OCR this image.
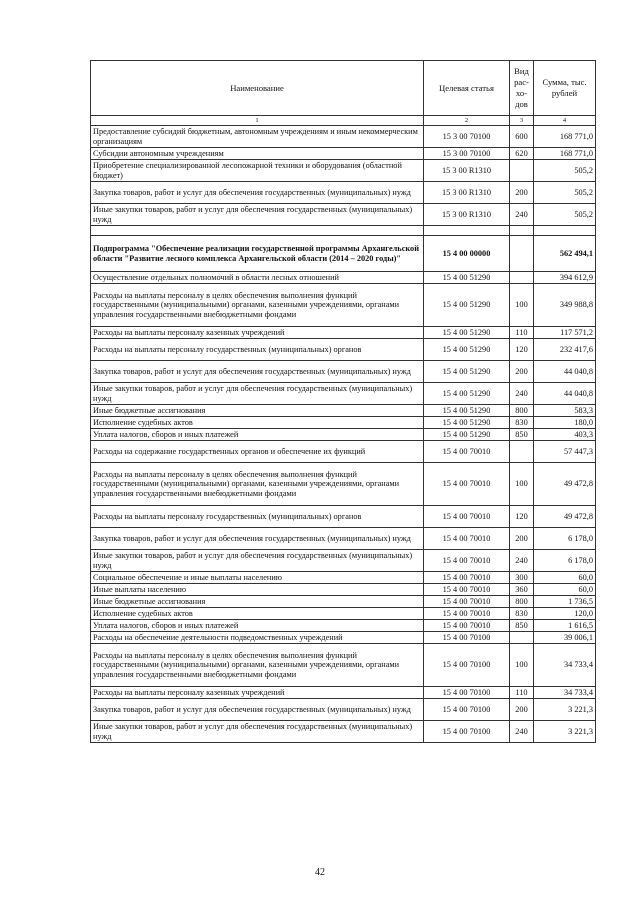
Наименование	Целевая статья	Вид рас-хо-дов	Сумма, тыс. рублей
1	2	3	4
Предоставление субсидий бюджетным, автономным учреждениям и иным некоммерческим организациям	15 3 00 70100	600	168 771,0
Субсидии автономным учреждениям	15 3 00 70100	620	168 771,0
Приобретение специализированной лесопожарной техники и оборудования (областной бюджет)	15 3 00 R1310		505,2
Закупка товаров, работ и услуг для обеспечения государственных (муниципальных) нужд	15 3 00 R1310	200	505,2
Иные закупки товаров, работ и услуг для обеспечения государственных (муниципальных) нужд	15 3 00 R1310	240	505,2

Подпрограмма "Обеспечение реализации государственной программы Архангельской области "Развитие лесного комплекса Архангельской области (2014 – 2020 годы)"	15 4 00 00000		562 494,1
Осуществление отдельных полномочий в области лесных отношений	15 4 00 51290		394 612,9
Расходы на выплаты персоналу в целях обеспечения выполнения функций государственными (муниципальными) органами, казенными учреждениями, органами управления государственными внебюджетными фондами	15 4 00 51290	100	349 988,8
Расходы на выплаты персоналу казенных учреждений	15 4 00 51290	110	117 571,2
Расходы на выплаты персоналу государственных (муниципальных) органов	15 4 00 51290	120	232 417,6
Закупка товаров, работ и услуг для обеспечения государственных (муниципальных) нужд	15 4 00 51290	200	44 040,8
Иные закупки товаров, работ и услуг для обеспечения государственных (муниципальных) нужд	15 4 00 51290	240	44 040,8
Иные бюджетные ассигнования	15 4 00 51290	800	583,3
Исполнение судебных актов	15 4 00 51290	830	180,0
Уплата налогов, сборов и иных платежей	15 4 00 51290	850	403,3
Расходы на содержание государственных органов и обеспечение их функций	15 4 00 70010		57 447,3
Расходы на выплаты персоналу в целях обеспечения выполнения функций государственными (муниципальными) органами, казенными учреждениями, органами управления государственными внебюджетными фондами	15 4 00 70010	100	49 472,8
Расходы на выплаты персоналу государственных (муниципальных) органов	15 4 00 70010	120	49 472,8
Закупка товаров, работ и услуг для обеспечения государственных (муниципальных) нужд	15 4 00 70010	200	6 178,0
Иные закупки товаров, работ и услуг для обеспечения государственных (муниципальных) нужд	15 4 00 70010	240	6 178,0
Социальное обеспечение и иные выплаты населению	15 4 00 70010	300	60,0
Иные выплаты населению	15 4 00 70010	360	60,0
Иные бюджетные ассигнования	15 4 00 70010	800	1 736,5
Исполнение судебных актов	15 4 00 70010	830	120,0
Уплата налогов, сборов и иных платежей	15 4 00 70010	850	1 616,5
Расходы на обеспечение деятельности подведомственных учреждений	15 4 00 70100		39 006,1
Расходы на выплаты персоналу в целях обеспечения выполнения функций государственными (муниципальными) органами, казенными учреждениями, органами управления государственными внебюджетными фондами	15 4 00 70100	100	34 733,4
Расходы на выплаты персоналу казенных учреждений	15 4 00 70100	110	34 733,4
Закупка товаров, работ и услуг для обеспечения государственных (муниципальных) нужд	15 4 00 70100	200	3 221,3
Иные закупки товаров, работ и услуг для обеспечения государственных (муниципальных) нужд	15 4 00 70100	240	3 221,3
42
